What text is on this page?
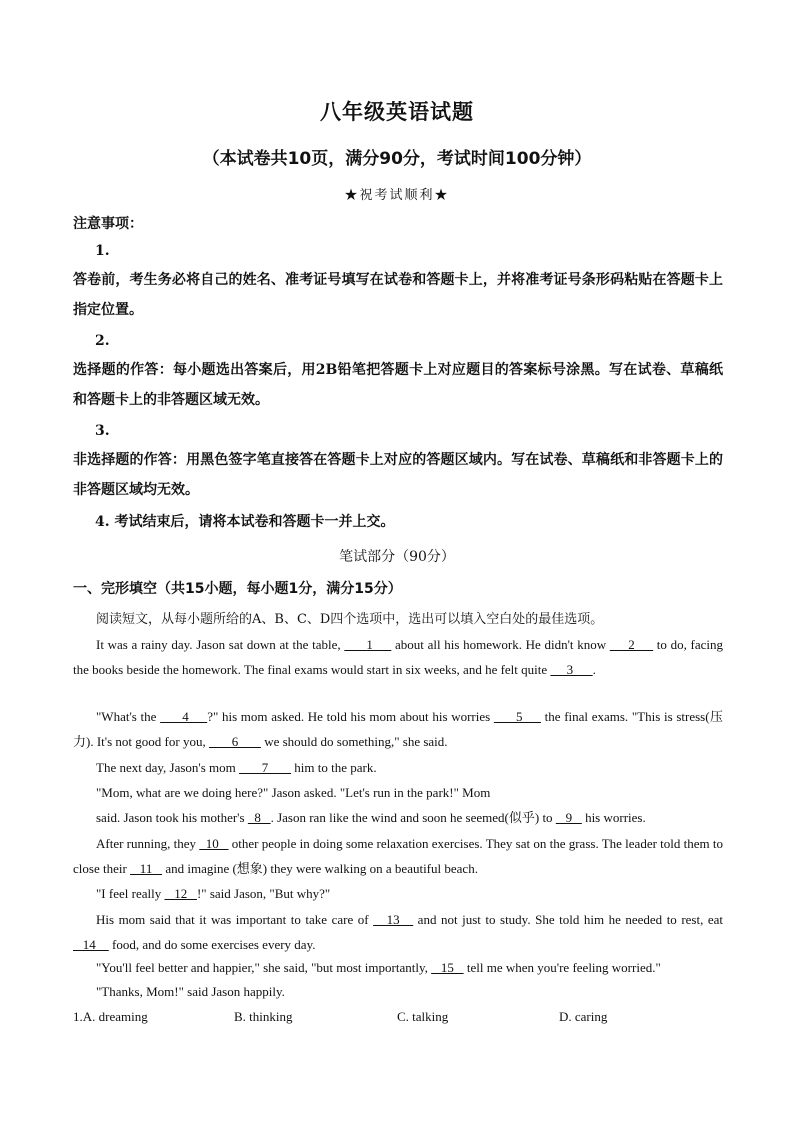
八年级英语试题
（本试卷共10页，满分90分，考试时间100分钟）
★祝考试顺利★
注意事项：
1.
答卷前，考生务必将自己的姓名、准考证号填写在试卷和答题卡上，并将准考证号条形码粘贴在答题卡上指定位置。
2.
选择题的作答：每小题选出答案后，用2B铅笔把答题卡上对应题目的答案标号涂黑。写在试卷、草稿纸和答题卡上的非答题区域无效。
3.
非选择题的作答：用黑色签字笔直接答在答题卡上对应的答题区域内。写在试卷、草稿纸和非答题卡上的非答题区域均无效。
4. 考试结束后，请将本试卷和答题卡一并上交。
笔试部分（90分）
一、完形填空（共15小题，每小题1分，满分15分）
阅读短文，从每小题所给的A、B、C、D四个选项中，选出可以填入空白处的最佳选项。
It was a rainy day. Jason sat down at the table,       1      about all his homework. He didn't know      2      to do, facing the books beside the homework. The final exams would start in six weeks, and he felt quite      3      .
"What's the       4     ?" his mom asked. He told his mom about his worries       5      the final exams. "This is stress(压力). It's not good for you,        6        we should do something," she said.
The next day, Jason's mom        7        him to the park.
"Mom, what are we doing here?" Jason asked. "Let's run in the park!" Mom
said. Jason took his mother's   8   . Jason ran like the wind and soon he seemed(似乎) to    9    his worries.
After running, they   10    other people in doing some relaxation exercises. They sat on the grass. The leader told them to close their    11    and imagine (想象) they were walking on a beautiful beach.
"I feel really    12   !" said Jason, "But why?"
His mom said that it was important to take care of    13    and not just to study. She told him he needed to rest, eat    14     food, and do some exercises every day.
"You'll feel better and happier," she said, "but most importantly,    15    tell me when you're feeling worried."
"Thanks, Mom!" said Jason happily.
1.A. dreaming	B. thinking	C. talking	D. caring
